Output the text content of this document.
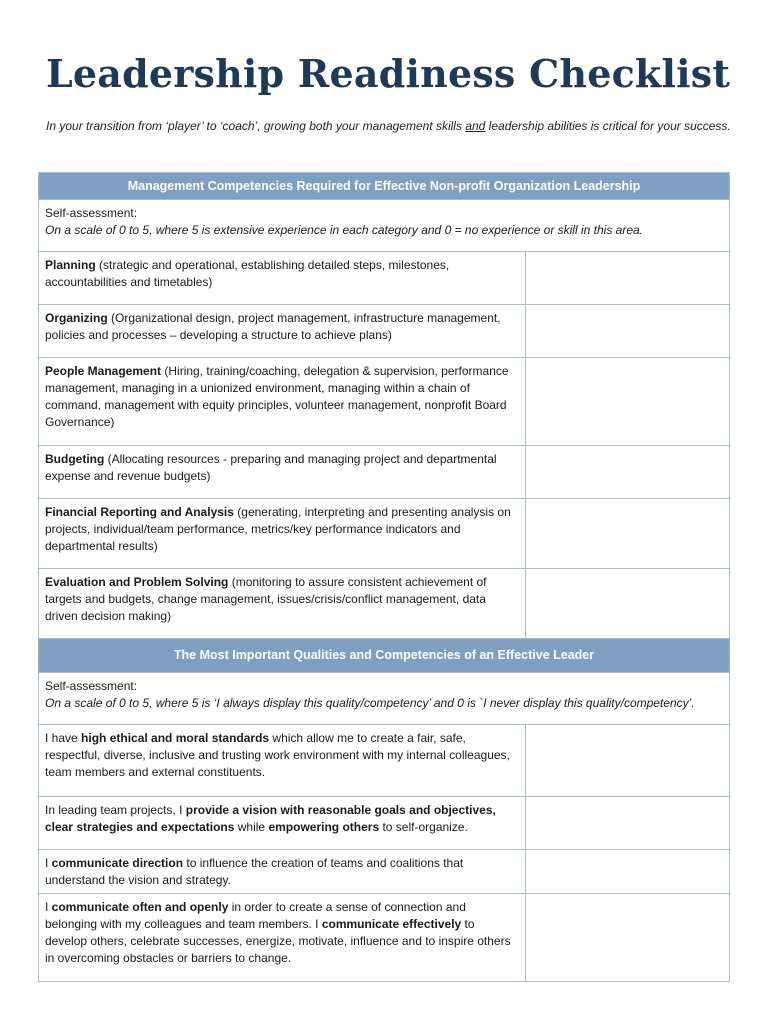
Leadership Readiness Checklist

In your transition from ‘player’ to ‘coach’, growing both your management skills and leadership abilities is critical for your success.

Management Competencies Required for Effective Non-profit Organization Leadership	

Self-assessment:
On a scale of 0 to 5, where 5 is extensive experience in each category and 0 = no experience or skill in this area.	

Planning (strategic and operational, establishing detailed steps, milestones, accountabilities and timetables)	
Organizing (Organizational design, project management, infrastructure management, policies and processes – developing a structure to achieve plans)	
People Management (Hiring, training/coaching, delegation & supervision, performance management, managing in a unionized environment, managing within a chain of command, management with equity principles, volunteer management, nonprofit Board Governance)	
Budgeting (Allocating resources - preparing and managing project and departmental expense and revenue budgets)	
Financial Reporting and Analysis (generating, interpreting and presenting analysis on projects, individual/team performance, metrics/key performance indicators and departmental results)	
Evaluation and Problem Solving (monitoring to assure consistent achievement of targets and budgets, change management, issues/crisis/conflict management, data driven decision making)	
The Most Important Qualities and Competencies of an Effective Leader	

Self-assessment:
On a scale of 0 to 5, where 5 is ‘I always display this quality/competency’ and 0 is `I never display this quality/competency’.	

I have high ethical and moral standards which allow me to create a fair, safe, respectful, diverse, inclusive and trusting work environment with my internal colleagues, team members and external constituents.	
In leading team projects, I provide a vision with reasonable goals and objectives, clear strategies and expectations while empowering others to self-organize.	
I communicate direction to influence the creation of teams and coalitions that understand the vision and strategy.	
I communicate often and openly in order to create a sense of connection and belonging with my colleagues and team members. I communicate effectively to develop others, celebrate successes, energize, motivate, influence and to inspire others in overcoming obstacles or barriers to change.	
